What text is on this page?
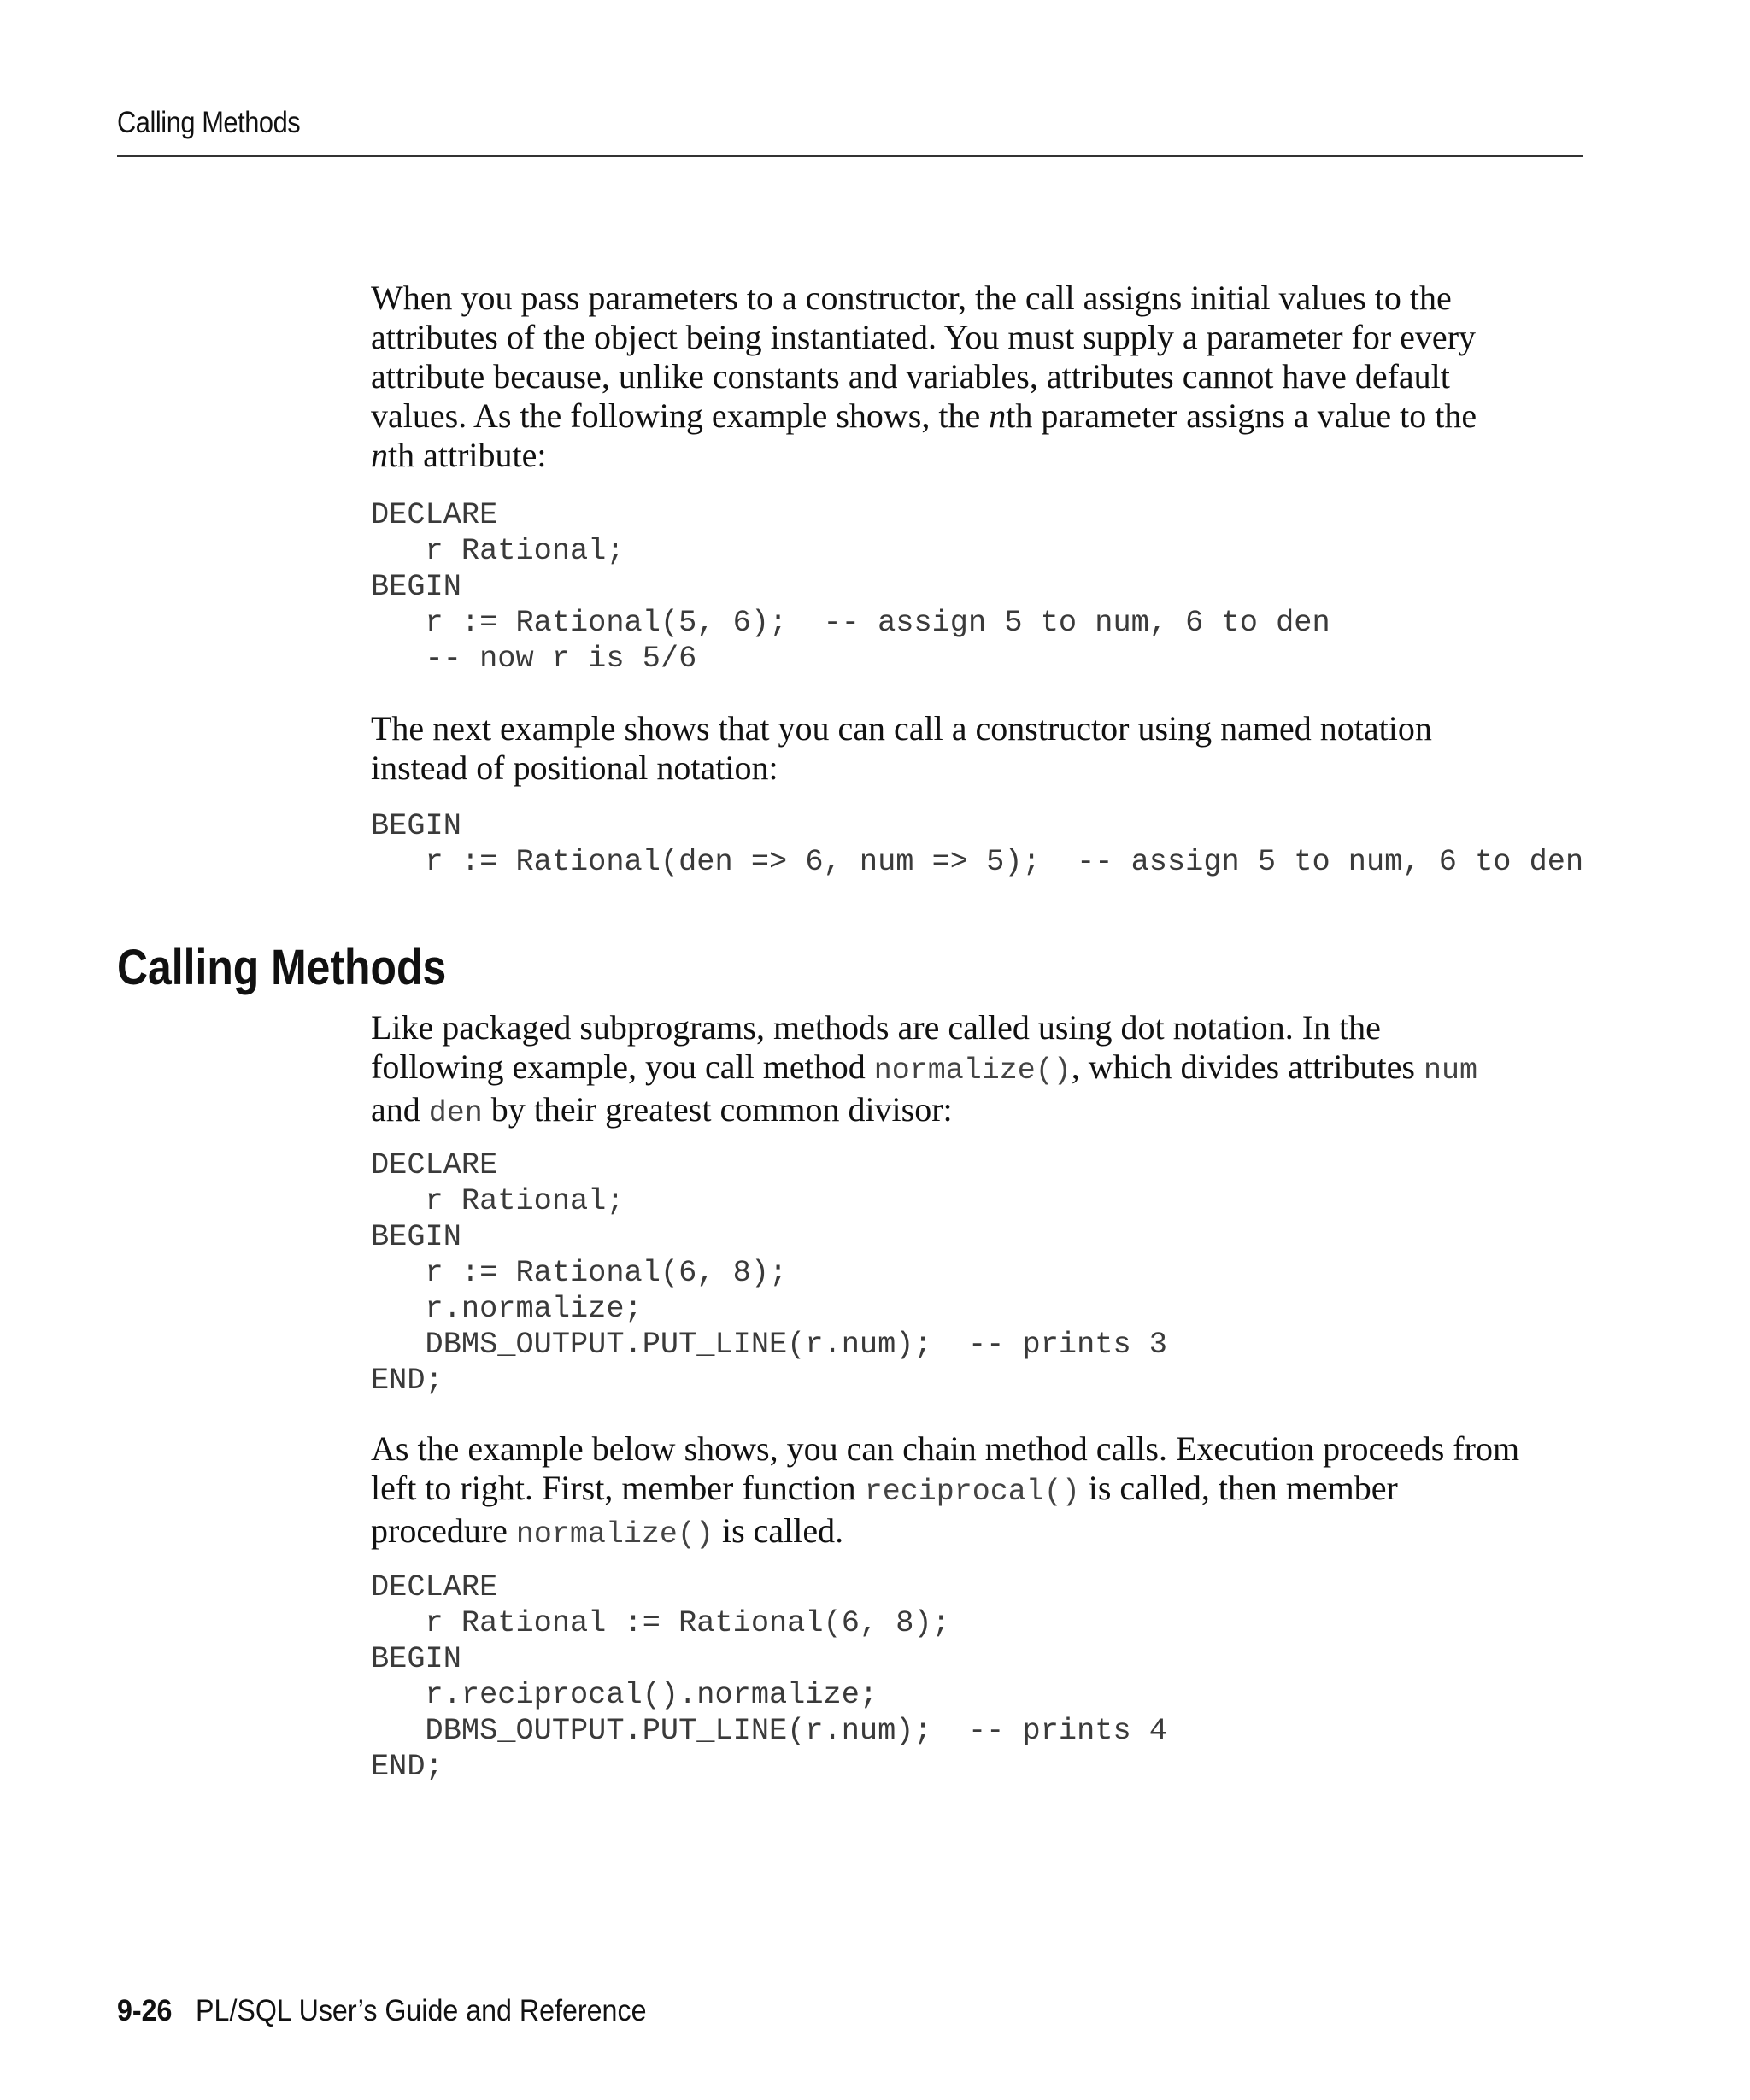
Calling Methods

When you pass parameters to a constructor, the call assigns initial values to the
attributes of the object being instantiated. You must supply a parameter for every
attribute because, unlike constants and variables, attributes cannot have default
values. As the following example shows, the nth parameter assigns a value to the
nth attribute:

DECLARE
r Rational;
BEGIN
r := Rational(5, 6);  -- assign 5 to num, 6 to den
-- now r is 5/6

The next example shows that you can call a constructor using named notation
instead of positional notation:

BEGIN
r := Rational(den => 6, num => 5);  -- assign 5 to num, 6 to den
Calling Methods

Like packaged subprograms, methods are called using dot notation. In the
following example, you call method normalize(), which divides attributes num
and den by their greatest common divisor:

DECLARE
r Rational;
BEGIN
r := Rational(6, 8);
r.normalize;
DBMS_OUTPUT.PUT_LINE(r.num);  -- prints 3
END;

As the example below shows, you can chain method calls. Execution proceeds from
left to right. First, member function reciprocal() is called, then member
procedure normalize() is called.

DECLARE
r Rational := Rational(6, 8);
BEGIN
r.reciprocal().normalize;
DBMS_OUTPUT.PUT_LINE(r.num);  -- prints 4
END;
9-26 PL/SQL User’s Guide and Reference
